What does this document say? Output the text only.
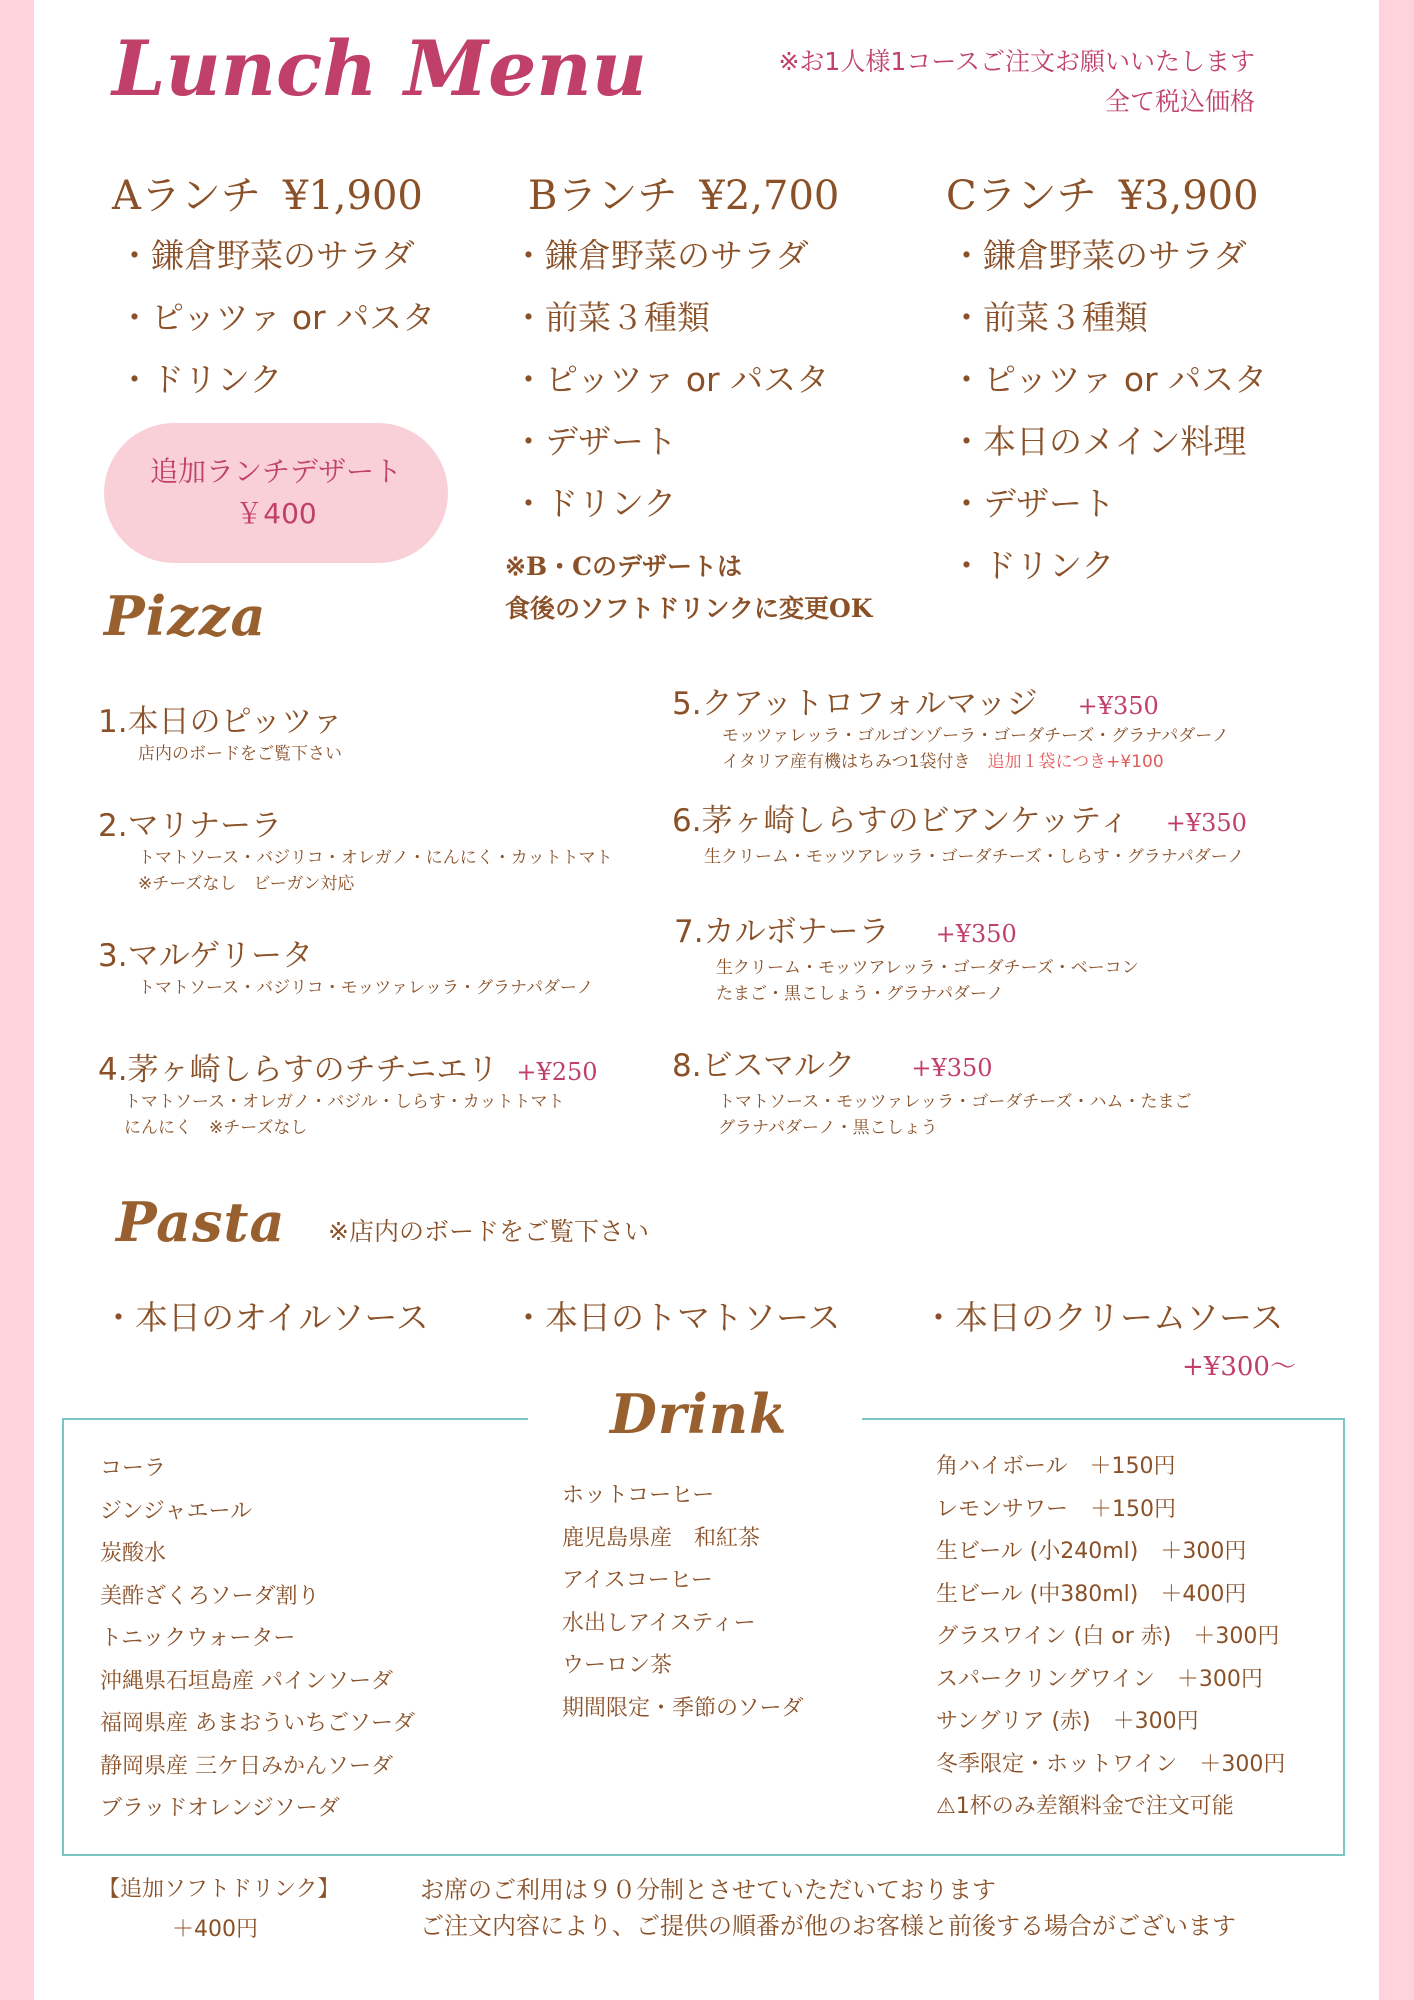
Lunch Menu	※お1人様1コースご注文お願いいたします
全て税込価格
Aランチ ¥1,900
・鎌倉野菜のサラダ
・ピッツァ or パスタ
・ドリンク
Bランチ ¥2,700
・鎌倉野菜のサラダ
・前菜３種類
・ピッツァ or パスタ
・デザート
・ドリンク
Cランチ ¥3,900
・鎌倉野菜のサラダ
・前菜３種類
・ピッツァ or パスタ
・本日のメイン料理
・デザート
・ドリンク
追加ランチデザート
￥400
※B・Cのデザートは
食後のソフトドリンクに変更OK
Pizza
1.本日のピッツァ
店内のボードをご覧下さい
2.マリナーラ
トマトソース・バジリコ・オレガノ・にんにく・カットトマト
※チーズなし　ビーガン対応
3.マルゲリータ
トマトソース・バジリコ・モッツァレッラ・グラナパダーノ
4.茅ヶ崎しらすのチチニエリ +¥250
トマトソース・オレガノ・バジル・しらす・カットトマト
にんにく　※チーズなし
5.クアットロフォルマッジ +¥350
モッツァレッラ・ゴルゴンゾーラ・ゴーダチーズ・グラナパダーノ
イタリア産有機はちみつ1袋付き　 追加１袋につき+¥100
6.茅ヶ崎しらすのビアンケッティ +¥350
生クリーム・モッツアレッラ・ゴーダチーズ・しらす・グラナパダーノ
7.カルボナーラ +¥350
生クリーム・モッツアレッラ・ゴーダチーズ・ベーコン
たまご・黒こしょう・グラナパダーノ
8.ビスマルク +¥350
トマトソース・モッツァレッラ・ゴーダチーズ・ハム・たまご
グラナパダーノ・黒こしょう
Pasta ※店内のボードをご覧下さい
・本日のオイルソース	・本日のトマトソース ・本日のクリームソース
+¥300〜
Drink
コーラ
ジンジャエール
炭酸水
美酢ざくろソーダ割り
トニックウォーター
沖縄県石垣島産 パインソーダ
福岡県産 あまおういちごソーダ
静岡県産 三ケ日みかんソーダ
ブラッドオレンジソーダ
ホットコーヒー
鹿児島県産　和紅茶
アイスコーヒー
水出しアイスティー
ウーロン茶
期間限定・季節のソーダ
角ハイボール　＋150円
レモンサワー　＋150円
生ビール (小240ml)　＋300円
生ビール (中380ml)　＋400円
グラスワイン (白 or 赤)　＋300円
スパークリングワイン　＋300円
サングリア (赤)　＋300円
冬季限定・ホットワイン　＋300円
⚠1杯のみ差額料金で注文可能
【追加ソフトドリンク】
＋400円
お席のご利用は９０分制とさせていただいております
ご注文内容により、ご提供の順番が他のお客様と前後する場合がございます
